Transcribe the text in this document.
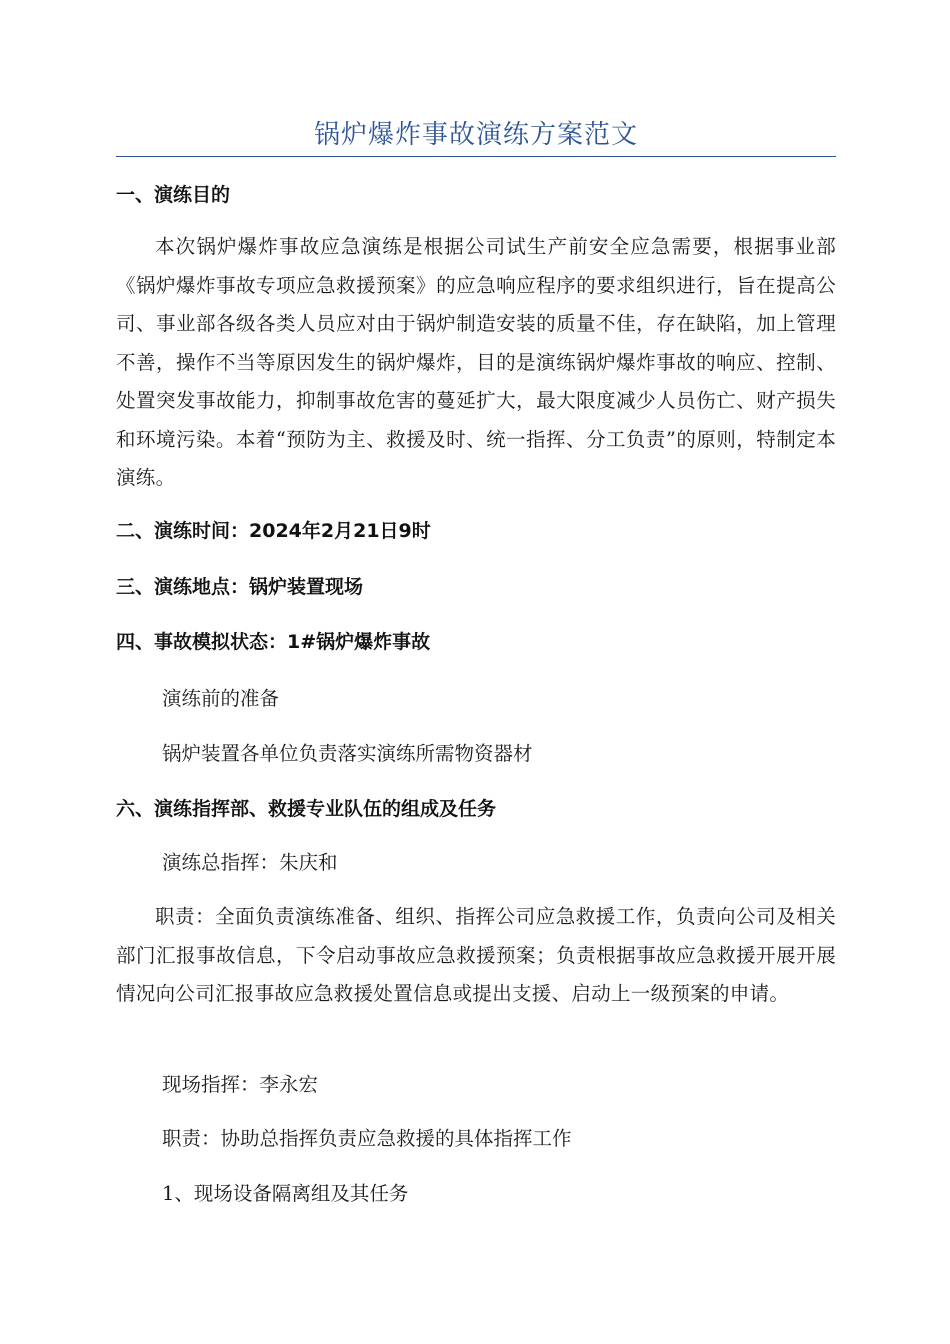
锅炉爆炸事故演练方案范文

一、演练目的

本次锅炉爆炸事故应急演练是根据公司试生产前安全应急需要，根据事业部《锅炉爆炸事故专项应急救援预案》的应急响应程序的要求组织进行，旨在提高公司、事业部各级各类人员应对由于锅炉制造安装的质量不佳，存在缺陷，加上管理不善，操作不当等原因发生的锅炉爆炸，目的是演练锅炉爆炸事故的响应、控制、处置突发事故能力，抑制事故危害的蔓延扩大，最大限度减少人员伤亡、财产损失和环境污染。本着“预防为主、救援及时、统一指挥、分工负责”的原则，特制定本演练。

二、演练时间：2024年2月21日9时

三、演练地点：锅炉装置现场

四、事故模拟状态：1#锅炉爆炸事故

演练前的准备

锅炉装置各单位负责落实演练所需物资器材

六、演练指挥部、救援专业队伍的组成及任务

演练总指挥：朱庆和

职责：全面负责演练准备、组织、指挥公司应急救援工作，负责向公司及相关部门汇报事故信息，下令启动事故应急救援预案；负责根据事故应急救援开展开展情况向公司汇报事故应急救援处置信息或提出支援、启动上一级预案的申请。

现场指挥：李永宏

职责：协助总指挥负责应急救援的具体指挥工作

1、现场设备隔离组及其任务
